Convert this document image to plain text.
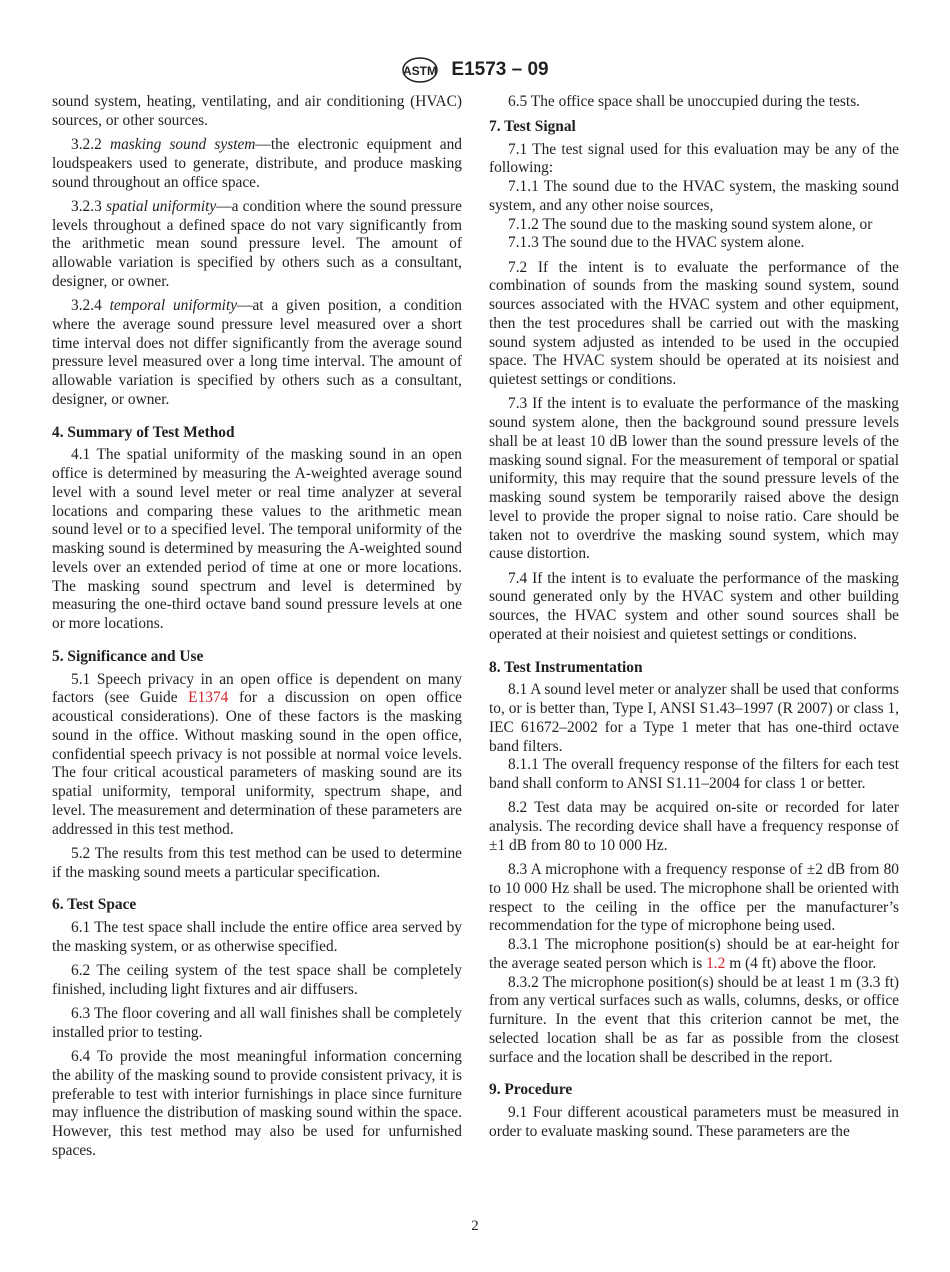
ASTM E1573 – 09

sound system, heating, ventilating, and air conditioning (HVAC) sources, or other sources.

3.2.2 masking sound system—the electronic equipment and loudspeakers used to generate, distribute, and produce masking sound throughout an office space.

3.2.3 spatial uniformity—a condition where the sound pressure levels throughout a defined space do not vary significantly from the arithmetic mean sound pressure level. The amount of allowable variation is specified by others such as a consultant, designer, or owner.

3.2.4 temporal uniformity—at a given position, a condition where the average sound pressure level measured over a short time interval does not differ significantly from the average sound pressure level measured over a long time interval. The amount of allowable variation is specified by others such as a consultant, designer, or owner.

4. Summary of Test Method

4.1 The spatial uniformity of the masking sound in an open office is determined by measuring the A-weighted average sound level with a sound level meter or real time analyzer at several locations and comparing these values to the arithmetic mean sound level or to a specified level. The temporal uniformity of the masking sound is determined by measuring the A-weighted sound levels over an extended period of time at one or more locations. The masking sound spectrum and level is determined by measuring the one-third octave band sound pressure levels at one or more locations.

5. Significance and Use

5.1 Speech privacy in an open office is dependent on many factors (see Guide E1374 for a discussion on open office acoustical considerations). One of these factors is the masking sound in the office. Without masking sound in the open office, confidential speech privacy is not possible at normal voice levels. The four critical acoustical parameters of masking sound are its spatial uniformity, temporal uniformity, spectrum shape, and level. The measurement and determination of these parameters are addressed in this test method.

5.2 The results from this test method can be used to determine if the masking sound meets a particular specification.

6. Test Space

6.1 The test space shall include the entire office area served by the masking system, or as otherwise specified.

6.2 The ceiling system of the test space shall be completely finished, including light fixtures and air diffusers.

6.3 The floor covering and all wall finishes shall be completely installed prior to testing.

6.4 To provide the most meaningful information concerning the ability of the masking sound to provide consistent privacy, it is preferable to test with interior furnishings in place since furniture may influence the distribution of masking sound within the space. However, this test method may also be used for unfurnished spaces.

6.5 The office space shall be unoccupied during the tests.

7. Test Signal

7.1 The test signal used for this evaluation may be any of the following:

7.1.1 The sound due to the HVAC system, the masking sound system, and any other noise sources,

7.1.2 The sound due to the masking sound system alone, or

7.1.3 The sound due to the HVAC system alone.

7.2 If the intent is to evaluate the performance of the combination of sounds from the masking sound system, sound sources associated with the HVAC system and other equipment, then the test procedures shall be carried out with the masking sound system adjusted as intended to be used in the occupied space. The HVAC system should be operated at its noisiest and quietest settings or conditions.

7.3 If the intent is to evaluate the performance of the masking sound system alone, then the background sound pressure levels shall be at least 10 dB lower than the sound pressure levels of the masking sound signal. For the measurement of temporal or spatial uniformity, this may require that the sound pressure levels of the masking sound system be temporarily raised above the design level to provide the proper signal to noise ratio. Care should be taken not to overdrive the masking sound system, which may cause distortion.

7.4 If the intent is to evaluate the performance of the masking sound generated only by the HVAC system and other building sources, the HVAC system and other sound sources shall be operated at their noisiest and quietest settings or conditions.

8. Test Instrumentation

8.1 A sound level meter or analyzer shall be used that conforms to, or is better than, Type I, ANSI S1.43–1997 (R 2007) or class 1, IEC 61672–2002 for a Type 1 meter that has one-third octave band filters.

8.1.1 The overall frequency response of the filters for each test band shall conform to ANSI S1.11–2004 for class 1 or better.

8.2 Test data may be acquired on-site or recorded for later analysis. The recording device shall have a frequency response of ±1 dB from 80 to 10 000 Hz.

8.3 A microphone with a frequency response of ±2 dB from 80 to 10 000 Hz shall be used. The microphone shall be oriented with respect to the ceiling in the office per the manufacturer’s recommendation for the type of microphone being used.

8.3.1 The microphone position(s) should be at ear-height for the average seated person which is 1.2 m (4 ft) above the floor.

8.3.2 The microphone position(s) should be at least 1 m (3.3 ft) from any vertical surfaces such as walls, columns, desks, or office furniture. In the event that this criterion cannot be met, the selected location shall be as far as possible from the closest surface and the location shall be described in the report.

9. Procedure

9.1 Four different acoustical parameters must be measured in order to evaluate masking sound. These parameters are the

2
